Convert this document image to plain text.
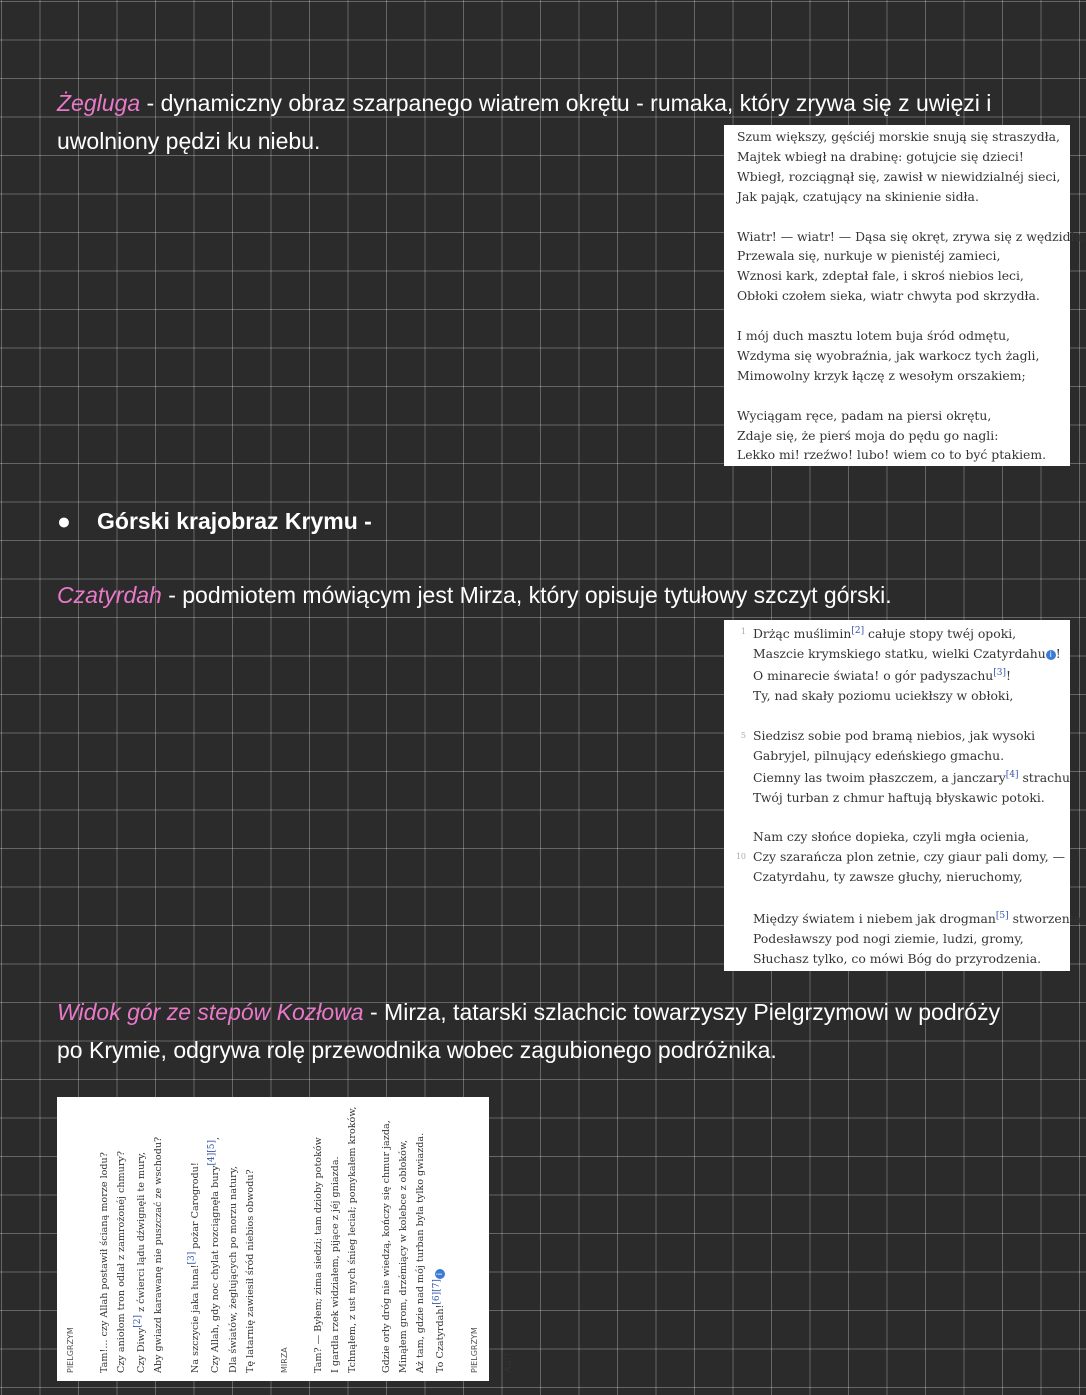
Żegluga - dynamiczny obraz szarpanego wiatrem okrętu - rumaka, który zrywa się z uwięzi i
uwolniony pędzi ku niebu.	Szum większy, gęściéj morskie snują się straszydła,
Majtek wbiegł na drabinę: gotujcie się dzieci!
Wbiegł, rozciągnął się, zawisł w niewidzialnéj sieci,
Jak pająk, czatujący na skinienie sidła.
Wiatr! — wiatr! — Dąsa się okręt, zrywa się z wędzidła,
Przewala się, nurkuje w pienistéj zamieci,
Wznosi kark, zdeptał fale, i skroś niebios leci,
Obłoki czołem sieka, wiatr chwyta pod skrzydła.
I mój duch masztu lotem buja śród odmętu,
Wzdyma się wyobraźnia, jak warkocz tych żagli,
Mimowolny krzyk łączę z wesołym orszakiem;
Wyciągam ręce, padam na piersi okrętu,
Zdaje się, że pierś moja do pędu go nagli:
Lekko mi! rzeźwo! lubo! wiem co to być ptakiem.
● Górski krajobraz Krymu -
Czatyrdah - podmiotem mówiącym jest Mirza, który opisuje tytułowy szczyt górski.
1 Drżąc muślimin[2] całuje stopy twéj opoki,
Maszcie krymskiego statku, wielki Czatyrdahu i !
O minarecie świata! o gór padyszachu[3]!
Ty, nad skały poziomu uciekłszy w obłoki,
5 Siedzisz sobie pod bramą niebios, jak wysoki
Gabryjel, pilnujący edeńskiego gmachu.
Ciemny las twoim płaszczem, a janczary[4] strachu
Twój turban z chmur haftują błyskawic potoki.
Nam czy słońce dopieka, czyli mgła ocienia,
10 Czy szarańcza plon zetnie, czy giaur pali domy, —
Czatyrdahu, ty zawsze głuchy, nieruchomy,
Między światem i niebem jak drogman[5] stworzenia,
Podesławszy pod nogi ziemie, ludzi, gromy,
Słuchasz tylko, co mówi Bóg do przyrodzenia.
Widok gór ze stepów Kozłowa - Mirza, tatarski szlachcic towarzyszy Pielgrzymowi w podróży
po Krymie, odgrywa rolę przewodnika wobec zagubionego podróżnika.
PIELGRZYM	Tam!... czy Allah postawił ścianą morze lodu? Czy aniołom tron odlał z zamrożonéj chmury? Czy Diwy[2] z ćwierci lądu dźwignęli te mury, Aby gwiazd karawanę nie puszczać ze wschodu?	Na szczycie jaka łuna![3] pożar Carogrodu! Czy Allah, gdy noc chylat rozciągnęła bury[4][5],
Dla światów, żeglujących po morzu natury, Tę latarnię zawiesił śród niebios obwodu?	MIRZA	Tam? — Byłem; zima siedzi; tam dzioby potoków I gardła rzek widziałem, pijące z jéj gniazda. Tchnąłem, z ust mych śnieg leciał; pomykałem kroków,	Gdzie orły dróg nie wiedzą, kończy się chmur jazda, Minąłem grom, drzémiący w kolebce z obłoków, Aż tam, gdzie nad mój turban była tylko gwiazda. To Czatyrdah![6][7]i
PIELGRZYM	Aa!!
